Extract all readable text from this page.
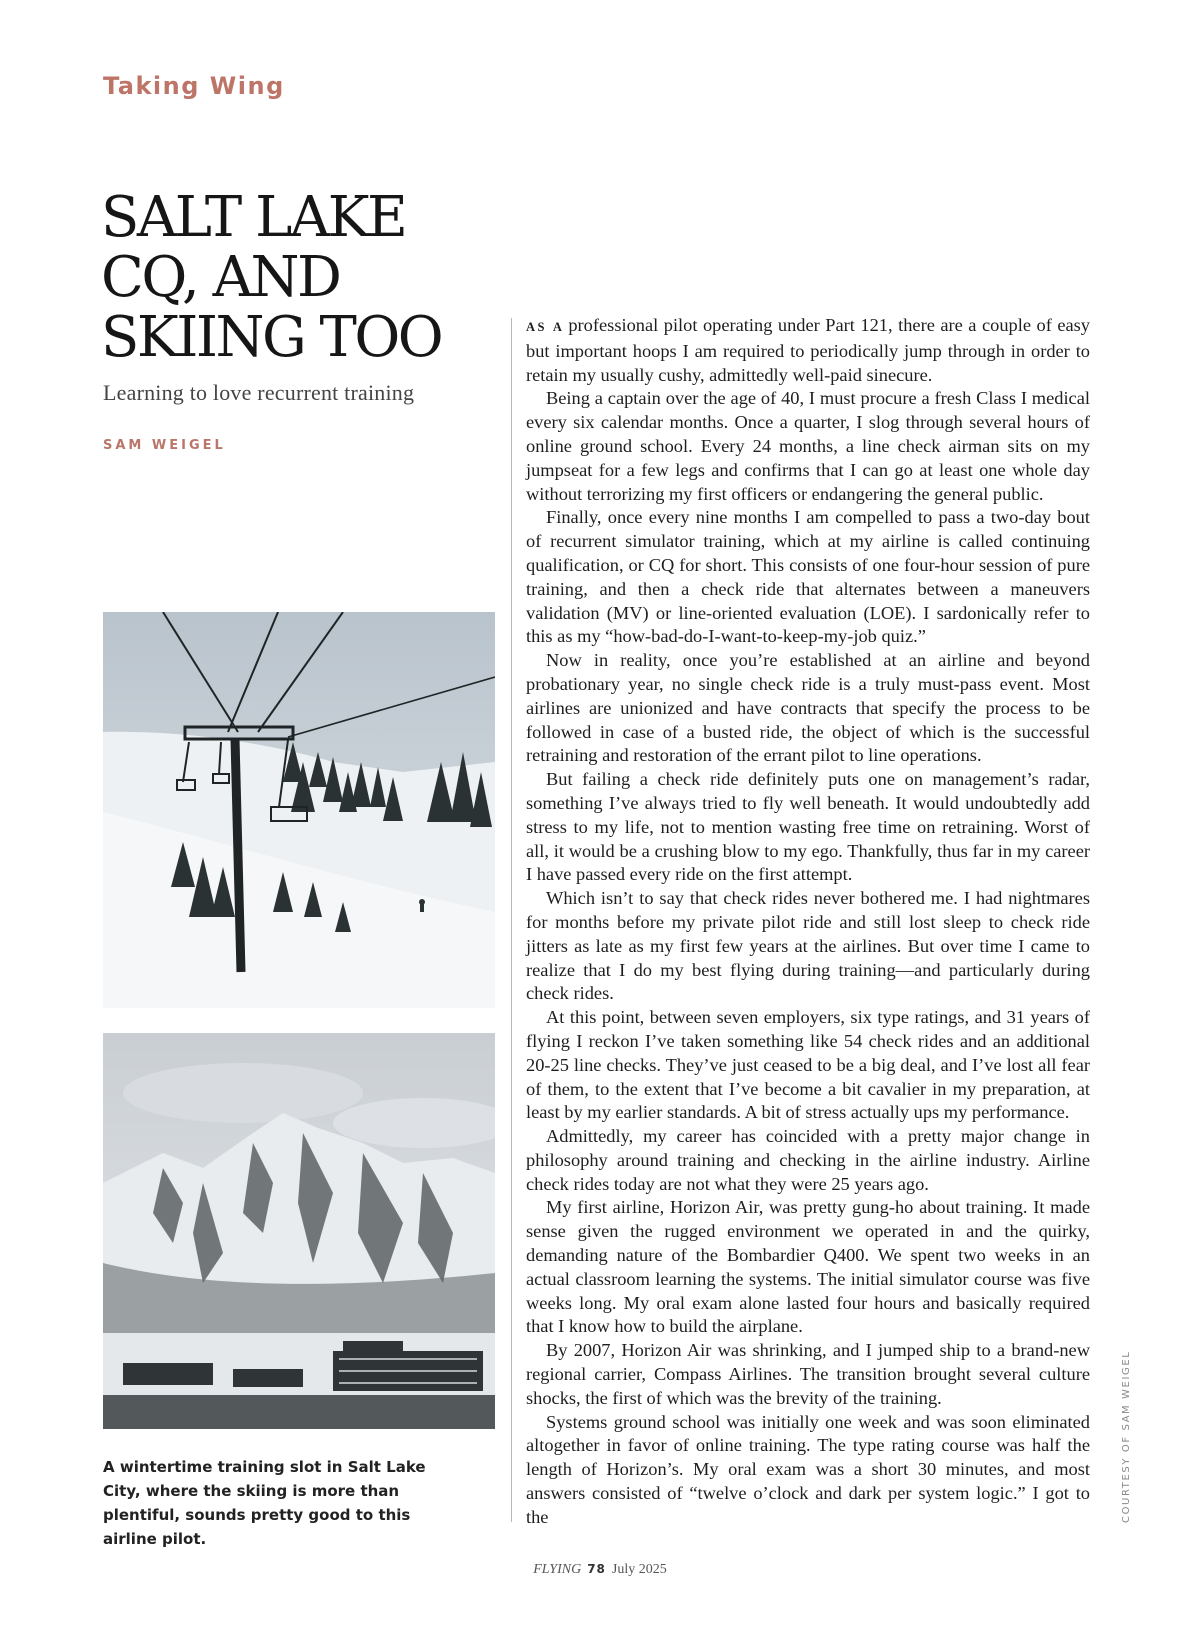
Taking Wing
SALT LAKE
CQ, AND
SKIING TOO
Learning to love recurrent training
SAM WEIGEL

A wintertime training slot in Salt Lake City, where the skiing is more than plentiful, sounds pretty good to this airline pilot.

AS A professional pilot operating under Part 121, there are a couple of easy but important hoops I am required to periodically jump through in order to retain my usually cushy, admittedly well-paid sinecure.

Being a captain over the age of 40, I must procure a fresh Class I medical every six calendar months. Once a quarter, I slog through several hours of online ground school. Every 24 months, a line check airman sits on my jumpseat for a few legs and confirms that I can go at least one whole day without terrorizing my first officers or endangering the general public.

Finally, once every nine months I am compelled to pass a two-day bout of recurrent simulator training, which at my airline is called continuing qualification, or CQ for short. This consists of one four-hour session of pure training, and then a check ride that alternates between a maneuvers validation (MV) or line-oriented evaluation (LOE). I sardonically refer to this as my “how-bad-do-I-want-to-keep-my-job quiz.”

Now in reality, once you’re established at an airline and beyond probationary year, no single check ride is a truly must-pass event. Most airlines are unionized and have contracts that specify the process to be followed in case of a busted ride, the object of which is the successful retraining and restoration of the errant pilot to line operations.

But failing a check ride definitely puts one on management’s radar, something I’ve always tried to fly well beneath. It would undoubtedly add stress to my life, not to mention wasting free time on retraining. Worst of all, it would be a crushing blow to my ego. Thankfully, thus far in my career I have passed every ride on the first attempt.

Which isn’t to say that check rides never bothered me. I had nightmares for months before my private pilot ride and still lost sleep to check ride jitters as late as my first few years at the airlines. But over time I came to realize that I do my best flying during training—and particularly during check rides.

At this point, between seven employers, six type ratings, and 31 years of flying I reckon I’ve taken something like 54 check rides and an additional 20-25 line checks. They’ve just ceased to be a big deal, and I’ve lost all fear of them, to the extent that I’ve become a bit cavalier in my preparation, at least by my earlier standards. A bit of stress actually ups my performance.

Admittedly, my career has coincided with a pretty major change in philosophy around training and checking in the airline industry. Airline check rides today are not what they were 25 years ago.

My first airline, Horizon Air, was pretty gung-ho about training. It made sense given the rugged environment we operated in and the quirky, demanding nature of the Bombardier Q400. We spent two weeks in an actual classroom learning the systems. The initial simulator course was five weeks long. My oral exam alone lasted four hours and basically required that I know how to build the airplane.

By 2007, Horizon Air was shrinking, and I jumped ship to a brand-new regional carrier, Compass Airlines. The transition brought several culture shocks, the first of which was the brevity of the training.

Systems ground school was initially one week and was soon eliminated altogether in favor of online training. The type rating course was half the length of Horizon’s. My oral exam was a short 30 minutes, and most answers consisted of “twelve o’clock and dark per system logic.” I got to the	COURTESY OF SAM WEIGEL
FLYING 78 July 2025
